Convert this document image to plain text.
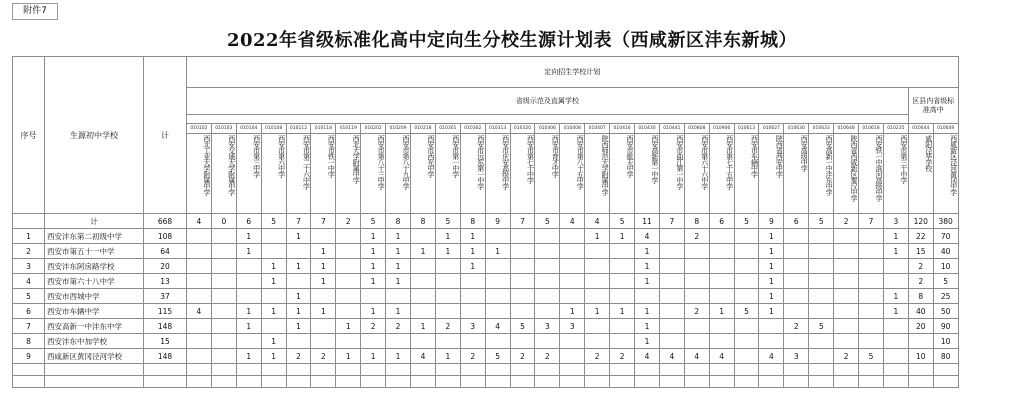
附件7
2022年省级标准化高中定向生分校生源计划表（西咸新区沣东新城）
序号	生源初中学校	计	定向招生学校计划																														
			省级示范及直属学校																													区县内省级标准高中	

			010102	010103	010104	010108	010112	010118	010119	010202	010209	010218	010301	010302	010313	010320	010406	010408	010407	010416	010430	010441	010808	010906	010613	010627	010630	010633	010648	010618	010235	010644	010649
			西北工业大学附属中学	西安交通大学附属中学	西安市第三中学	西安市第六中学	西安市第二十六中学	西安市铁一中学	西北大学附属中学	西安市第八十三中学	西安市第八十九中学	西安市西光中学	西安市第一中学	西安市远东第一中学	西安市庆安高级中学	西安市第七十中学	西安市育才中学	西安市第八十五中学	陕西师范大学附属中学	西安市航天中学	西安高新第一中学	西安市曲江第一中学	西安市第六十六中学	西安市第七十五中学	西安市车辆中学	陕西省西安中学	西安高级中学	西安高新一中沣东中学	陕西省西咸新区秦汉中学	西安铁一中滨河高级中学	西安市第三十中学	咸阳泾华学校	西咸新区泾河黄冈中学
	计	668	4	0	6	5	7	7	2	5	8	8	5	8	9	7	5	4	4	5	11	7	8	6	5	9	6	5	2	7	3	120	380
1	西安沣东第二初级中学	108			1		1			1	1		1	1					1	1	4		2			1					1	22	70
2	西安市第五十一中学	64			1			1		1	1	1	1	1	1						1					1					1	15	40
3	西安沣东阿房路学校	20				1	1	1		1	1			1							1					1						2	10
4	西安市第六十八中学	13				1		1		1	1										1					1						2	5
5	西安市西城中学	37					1																			1					1	8	25
6	西安市车辆中学	115	4		1	1	1	1		1	1							1	1	1	1		2	1	5	1					1	40	50
7	西安高新一中沣东中学	148			1		1		1	2	2	1	2	3	4	5	3	3			1						2	5				20	90
8	西安沣东中加学校	15				1															1												10
9	西咸新区黄冈泾河学校	148			1	1	2	2	1	1	1	4	1	2	5	2	2		2	2	4	4	4	4		4	3		2	5		10	80
